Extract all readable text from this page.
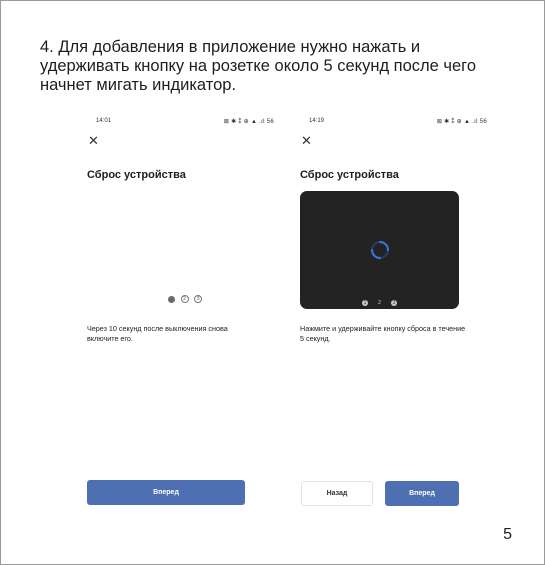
4. Для добавления в приложение нужно нажать и удерживать кнопку на розетке около 5 секунд после чего начнет мигать индикатор.
14:01	⊠ ✱ ⁑ ⊕ ▲ .ıl 56
✕
Сброс устройства
1 2 3
Через 10 секунд после выключения снова включите его.
Вперед
14:19	⊠ ✱ ⁑ ⊕ ▲ .ıl 56
✕
Сброс устройства
1 2 3
Нажмите и удерживайте кнопку сброса в течение 5 секунд.
Назад	Вперед
5
